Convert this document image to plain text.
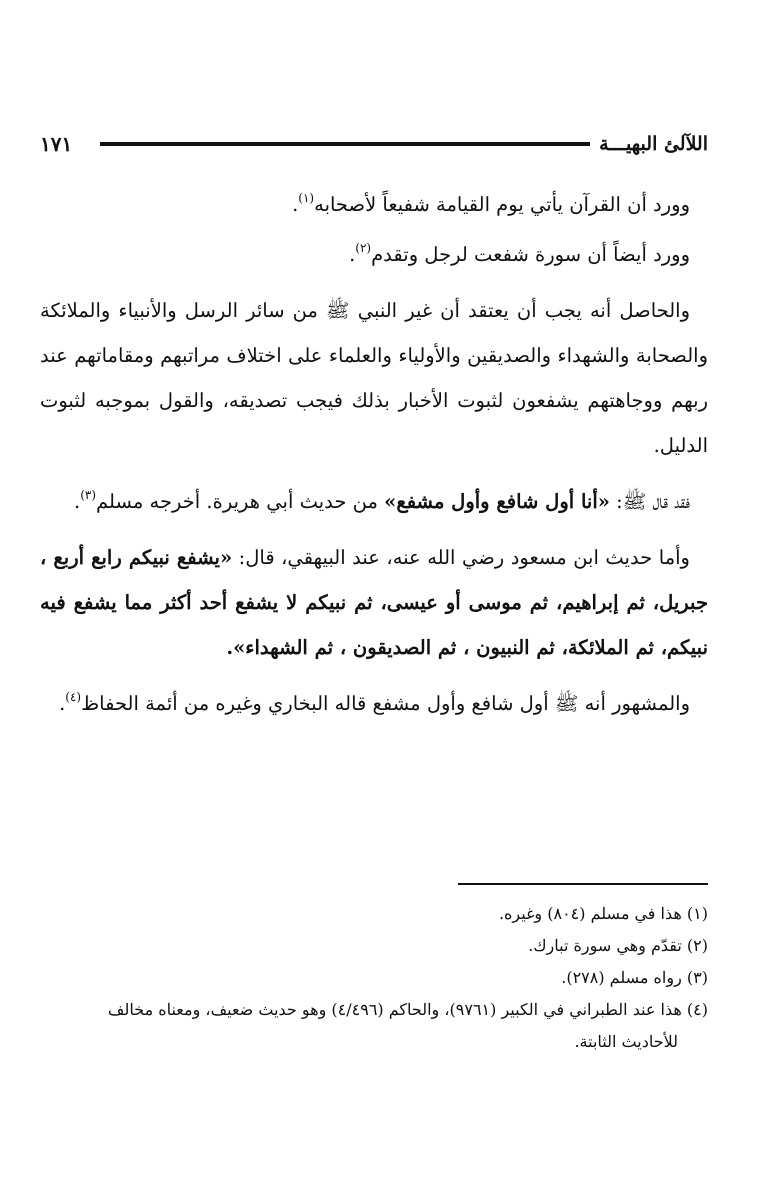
١٧١	اللآلئ البهيـــة

وورد أن القرآن يأتي يوم القيامة شفيعاً لأصحابه$^{(١)}$.

وورد أيضاً أن سورة شفعت لرجل وتقدم$^{(٢)}$.

والحاصل أنه يجب أن يعتقد أن غير النبي ﷺ من سائر الرسل والأنبياء والملائكة والصحابة والشهداء والصديقين والأولياء والعلماء على اختلاف مراتبهم ومقاماتهم عند ربهم ووجاهتهم يشفعون لثبوت الأخبار بذلك فيجب تصديقه، والقول بموجبه لثبوت الدليل.

فقد قال ﷺ: «أنا أول شافع وأول مشفع» من حديث أبي هريرة. أخرجه مسلم$^{(٣)}$.

وأما حديث ابن مسعود رضي الله عنه، عند البيهقي، قال: «يشفع نبيكم رابع أربع ، جبريل، ثم إبراهيم، ثم موسى أو عيسى، ثم نبيكم لا يشفع أحد أكثر مما يشفع فيه نبيكم، ثم الملائكة، ثم النبيون ، ثم الصديقون ، ثم الشهداء».

والمشهور أنه ﷺ أول شافع وأول مشفع قاله البخاري وغيره من أئمة الحفاظ$^{(٤)}$.

(١) هذا في مسلم (٨٠٤) وغيره.

(٢) تقدّم وهي سورة تبارك.

(٣) رواه مسلم (٢٧٨).

(٤) هذا عند الطبراني في الكبير (٩٧٦١)، والحاكم (٤/٤٩٦) وهو حديث ضعيف، ومعناه مخالف

للأحاديث الثابتة.
